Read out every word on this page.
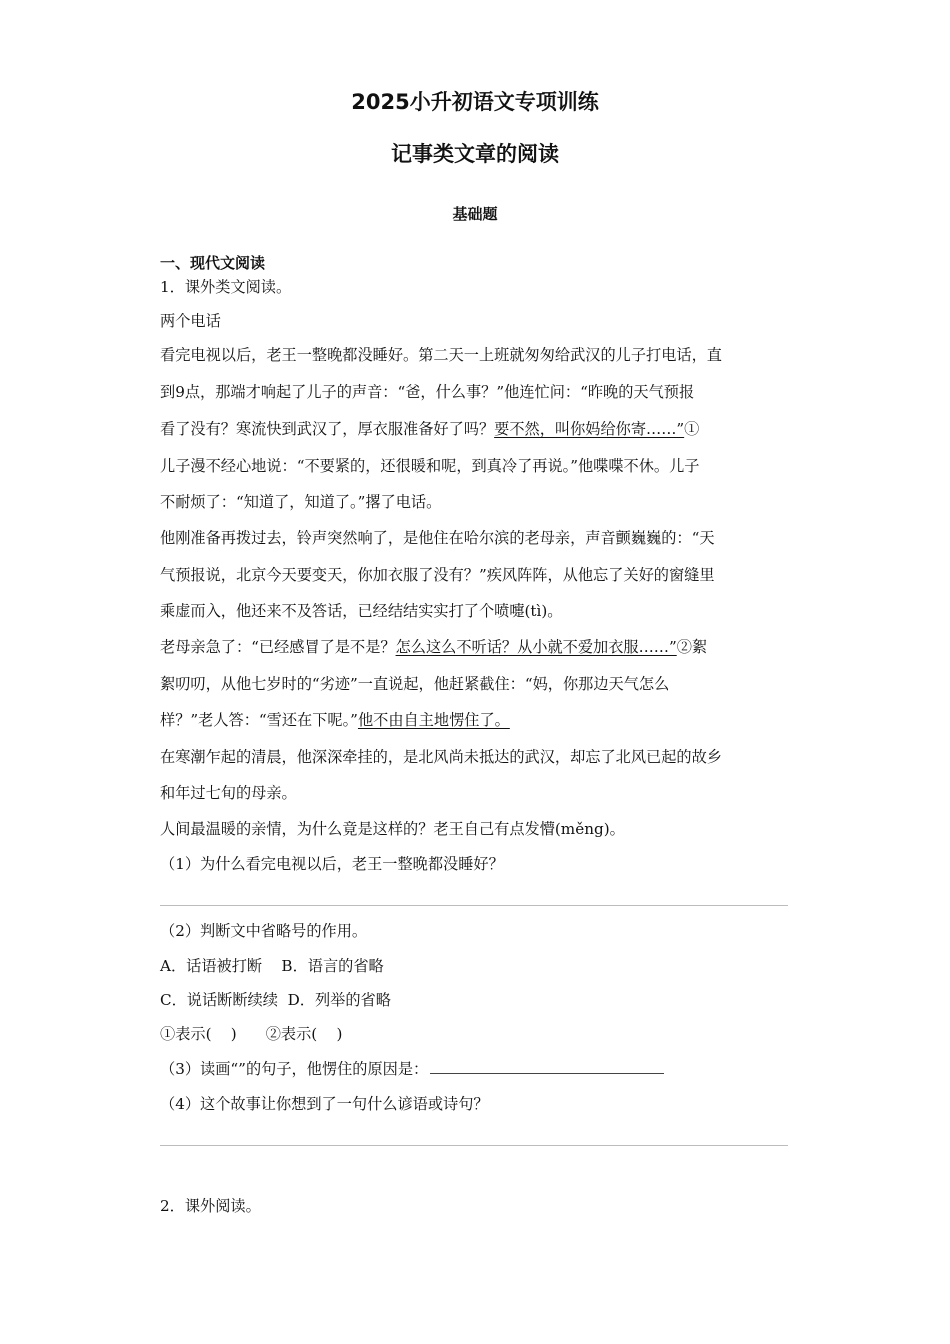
2025小升初语文专项训练
记事类文章的阅读
基础题
一、现代文阅读
1．课外类文阅读。
两个电话
看完电视以后，老王一整晚都没睡好。第二天一上班就匆匆给武汉的儿子打电话，直
到9点，那端才响起了儿子的声音：“爸，什么事？”他连忙问：“昨晚的天气预报
看了没有？寒流快到武汉了，厚衣服准备好了吗？要不然，叫你妈给你寄……”①
儿子漫不经心地说：“不要紧的，还很暖和呢，到真冷了再说。”他喋喋不休。儿子
不耐烦了：“知道了，知道了。”撂了电话。
他刚准备再拨过去，铃声突然响了，是他住在哈尔滨的老母亲，声音颤巍巍的：“天
气预报说，北京今天要变天，你加衣服了没有？”疾风阵阵，从他忘了关好的窗缝里
乘虚而入，他还来不及答话，已经结结实实打了个喷嚏(tì)。
老母亲急了：“已经感冒了是不是？怎么这么不听话？从小就不爱加衣服……”②絮
絮叨叨，从他七岁时的“劣迹”一直说起，他赶紧截住：“妈，你那边天气怎么
样？”老人答：“雪还在下呢。”他不由自主地愣住了。
在寒潮乍起的清晨，他深深牵挂的，是北风尚未抵达的武汉，却忘了北风已起的故乡
和年过七旬的母亲。
人间最温暖的亲情，为什么竟是这样的？老王自己有点发懵(měng)。
（1）为什么看完电视以后，老王一整晚都没睡好？
（2）判断文中省略号的作用。
A．话语被打断    B．语言的省略
C．说话断断续续  D．列举的省略
①表示(    )      ②表示(    )
（3）读画“”的句子，他愣住的原因是：
（4）这个故事让你想到了一句什么谚语或诗句？
2．课外阅读。
